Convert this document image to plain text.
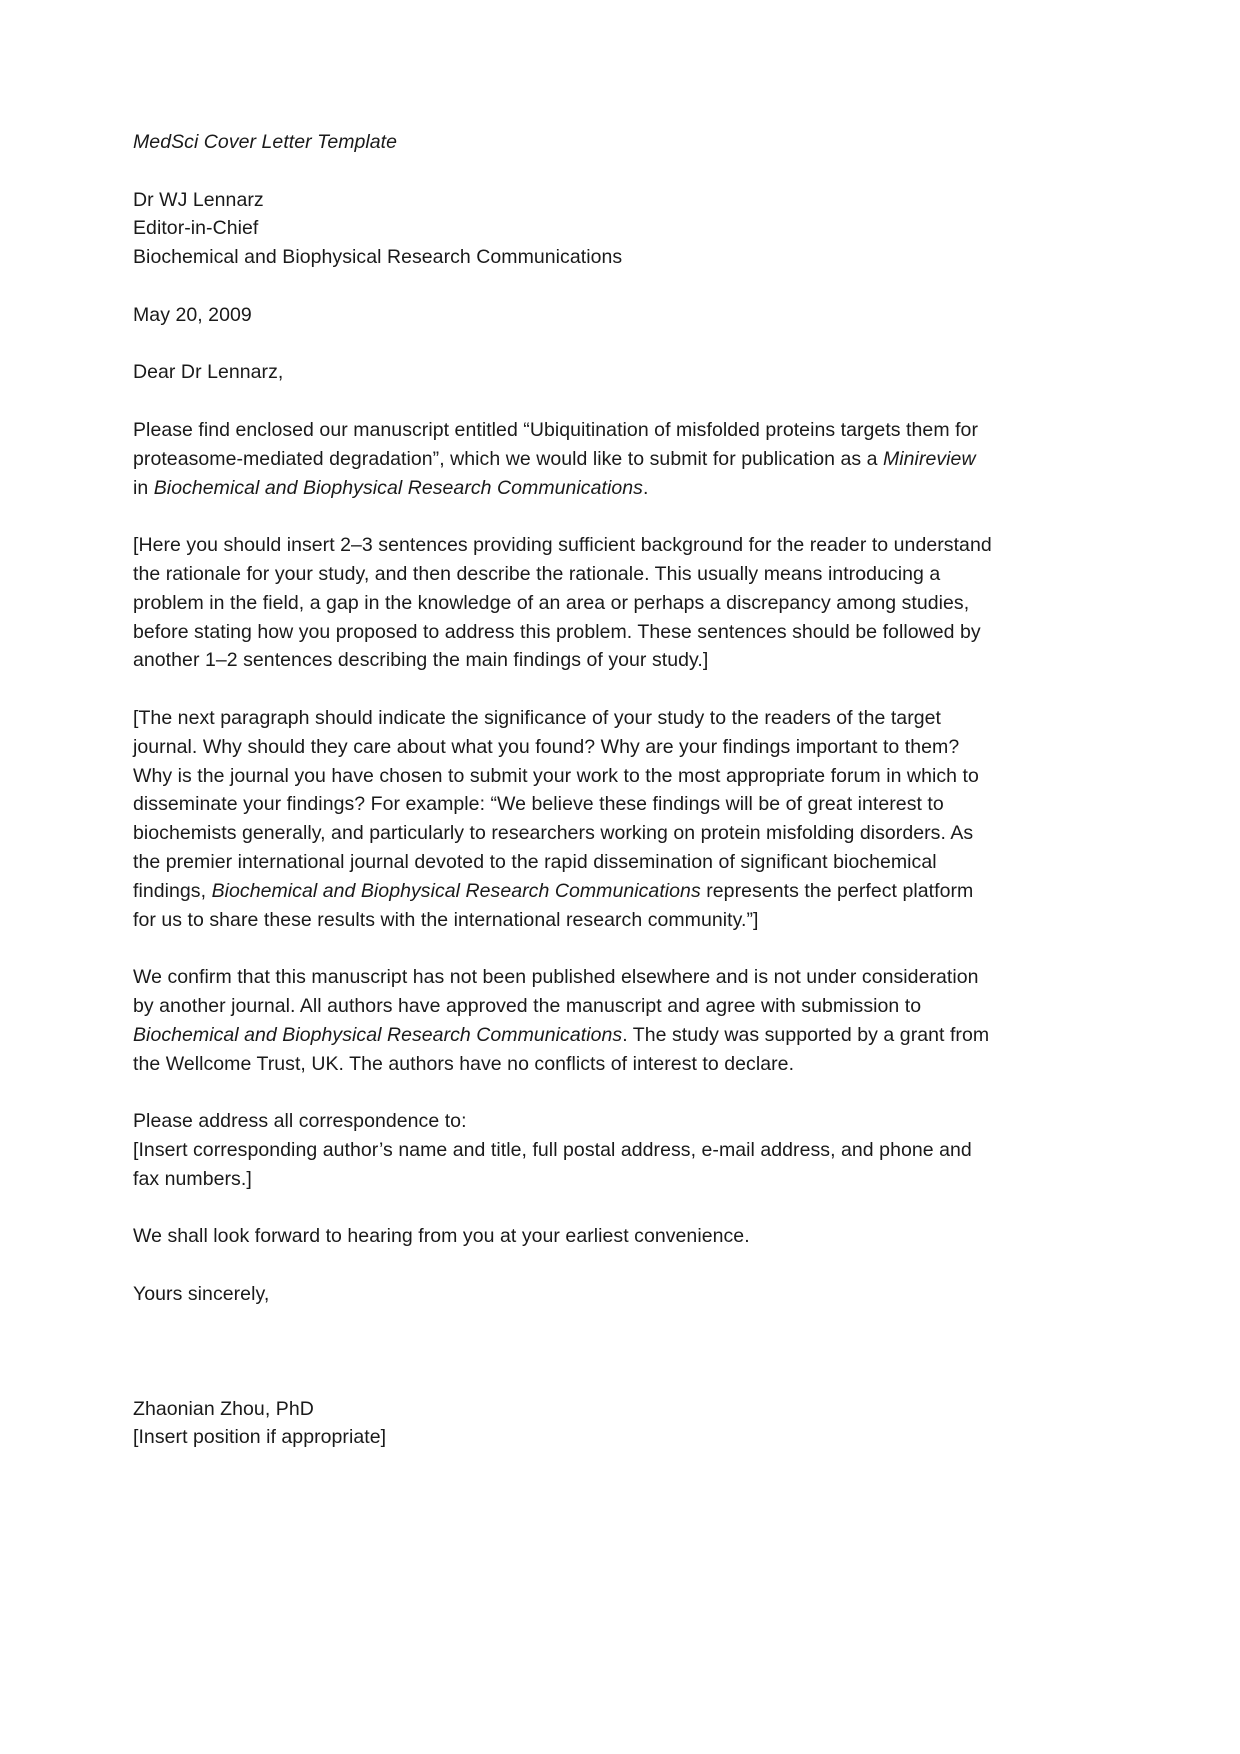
MedSci Cover Letter Template
Dr WJ Lennarz
Editor-in-Chief
Biochemical and Biophysical Research Communications
May 20, 2009
Dear Dr Lennarz,

Please find enclosed our manuscript entitled “Ubiquitination of misfolded proteins targets them for proteasome-mediated degradation”, which we would like to submit for publication as a Minireview in Biochemical and Biophysical Research Communications.

[Here you should insert 2–3 sentences providing sufficient background for the reader to understand the rationale for your study, and then describe the rationale. This usually means introducing a problem in the field, a gap in the knowledge of an area or perhaps a discrepancy among studies, before stating how you proposed to address this problem. These sentences should be followed by another 1–2 sentences describing the main findings of your study.]

[The next paragraph should indicate the significance of your study to the readers of the target journal. Why should they care about what you found? Why are your findings important to them? Why is the journal you have chosen to submit your work to the most appropriate forum in which to disseminate your findings? For example: “We believe these findings will be of great interest to biochemists generally, and particularly to researchers working on protein misfolding disorders. As the premier international journal devoted to the rapid dissemination of significant biochemical findings, Biochemical and Biophysical Research Communications represents the perfect platform for us to share these results with the international research community.”]

We confirm that this manuscript has not been published elsewhere and is not under consideration by another journal. All authors have approved the manuscript and agree with submission to Biochemical and Biophysical Research Communications. The study was supported by a grant from the Wellcome Trust, UK. The authors have no conflicts of interest to declare.

Please address all correspondence to:
[Insert corresponding author’s name and title, full postal address, e-mail address, and phone and fax numbers.]

We shall look forward to hearing from you at your earliest convenience.

Yours sincerely,
Zhaonian Zhou, PhD
[Insert position if appropriate]
